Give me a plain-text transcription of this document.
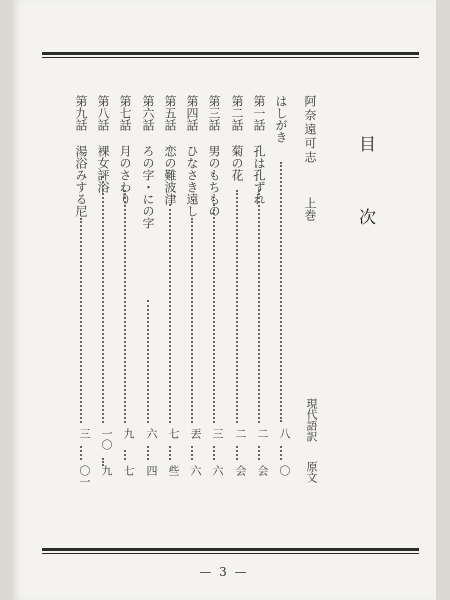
目 次
阿奈遠可志上巻
現代語訳 原文
はしがき
第一話 孔は孔ずれ
第二話 菊の花
第三話 男のもちもの
第四話 ひなさき遠し
第五話 恋の難波津
第六話 ろの字・にの字
第七話 月のさわり
第八話 裸女評浴
第九話 湯浴みする尼
八
二
二
三
丟
七
六
九
一〇
三
〇
会
会
六
六
些
四
七
九
〇一
— 3 —
